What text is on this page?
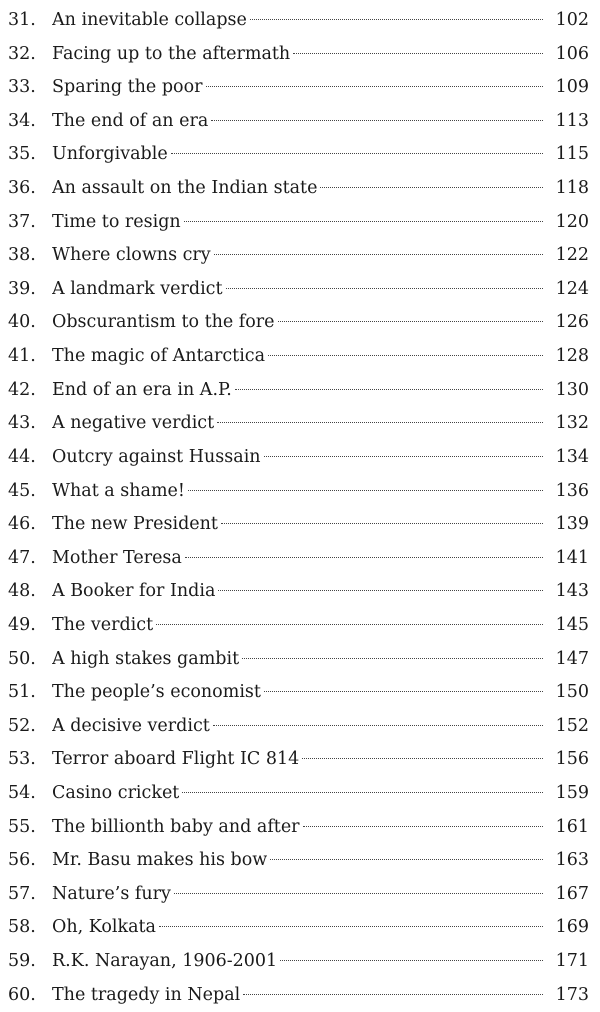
31. An inevitable collapse	102
32. Facing up to the aftermath	106
33. Sparing the poor	109
34. The end of an era	113
35. Unforgivable	115
36. An assault on the Indian state	118
37. Time to resign	120
38. Where clowns cry	122
39. A landmark verdict	124
40. Obscurantism to the fore	126
41. The magic of Antarctica	128
42. End of an era in A.P.	130
43. A negative verdict	132
44. Outcry against Hussain	134
45. What a shame!	136
46. The new President	139
47. Mother Teresa	141
48. A Booker for India	143
49. The verdict	145
50. A high stakes gambit	147
51. The people’s economist	150
52. A decisive verdict	152
53. Terror aboard Flight IC 814	156
54. Casino cricket	159
55. The billionth baby and after	161
56. Mr. Basu makes his bow	163
57. Nature’s fury	167
58. Oh, Kolkata	169
59. R.K. Narayan, 1906-2001	171
60. The tragedy in Nepal	173
